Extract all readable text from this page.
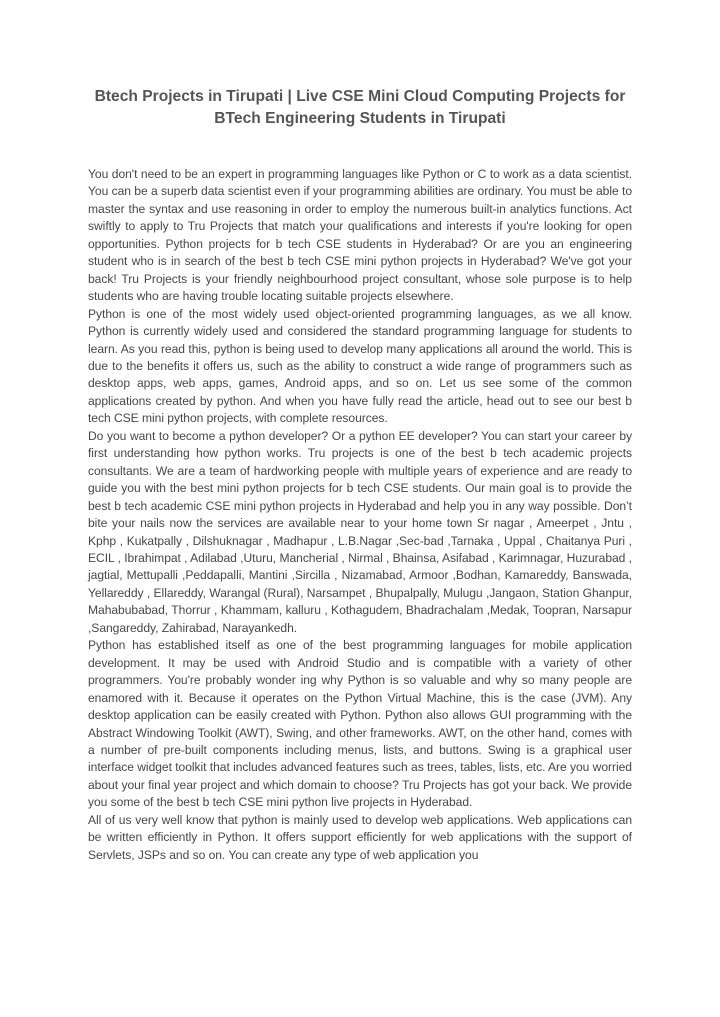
Btech Projects in Tirupati | Live CSE Mini Cloud Computing Projects for BTech Engineering Students in Tirupati

You don't need to be an expert in programming languages like Python or C to work as a data scientist. You can be a superb data scientist even if your programming abilities are ordinary. You must be able to master the syntax and use reasoning in order to employ the numerous built-in analytics functions. Act swiftly to apply to Tru Projects that match your qualifications and interests if you're looking for open opportunities. Python projects for b tech CSE students in Hyderabad? Or are you an engineering student who is in search of the best b tech CSE mini python projects in Hyderabad? We've got your back! Tru Projects is your friendly neighbourhood project consultant, whose sole purpose is to help students who are having trouble locating suitable projects elsewhere.

Python is one of the most widely used object-oriented programming languages, as we all know. Python is currently widely used and considered the standard programming language for students to learn. As you read this, python is being used to develop many applications all around the world. This is due to the benefits it offers us, such as the ability to construct a wide range of programmers such as desktop apps, web apps, games, Android apps, and so on. Let us see some of the common applications created by python. And when you have fully read the article, head out to see our best b tech CSE mini python projects, with complete resources.

Do you want to become a python developer? Or a python EE developer? You can start your career by first understanding how python works. Tru projects is one of the best b tech academic projects consultants. We are a team of hardworking people with multiple years of experience and are ready to guide you with the best mini python projects for b tech CSE students. Our main goal is to provide the best b tech academic CSE mini python projects in Hyderabad and help you in any way possible. Don’t bite your nails now the services are available near to your home town Sr nagar , Ameerpet , Jntu , Kphp , Kukatpally , Dilshuknagar , Madhapur , L.B.Nagar ,Sec-bad ,Tarnaka , Uppal , Chaitanya Puri , ECIL , Ibrahimpat , Adilabad ,Uturu, Mancherial , Nirmal , Bhainsa, Asifabad , Karimnagar, Huzurabad , jagtial, Mettupalli ,Peddapalli, Mantini ,Sircilla , Nizamabad, Armoor ,Bodhan, Kamareddy, Banswada, Yellareddy , Ellareddy, Warangal (Rural), Narsampet , Bhupalpally, Mulugu ,Jangaon, Station Ghanpur, Mahabubabad, Thorrur , Khammam, kalluru , Kothagudem, Bhadrachalam ,Medak, Toopran, Narsapur ,Sangareddy, Zahirabad, Narayankedh.

Python has established itself as one of the best programming languages for mobile application development. It may be used with Android Studio and is compatible with a variety of other programmers. You're probably wonder ing why Python is so valuable and why so many people are enamored with it. Because it operates on the Python Virtual Machine, this is the case (JVM). Any desktop application can be easily created with Python. Python also allows GUI programming with the Abstract Windowing Toolkit (AWT), Swing, and other frameworks. AWT, on the other hand, comes with a number of pre-built components including menus, lists, and buttons. Swing is a graphical user interface widget toolkit that includes advanced features such as trees, tables, lists, etc. Are you worried about your final year project and which domain to choose? Tru Projects has got your back. We provide you some of the best b tech CSE mini python live projects in Hyderabad.

All of us very well know that python is mainly used to develop web applications. Web applications can be written efficiently in Python. It offers support efficiently for web applications with the support of Servlets, JSPs and so on. You can create any type of web application you
